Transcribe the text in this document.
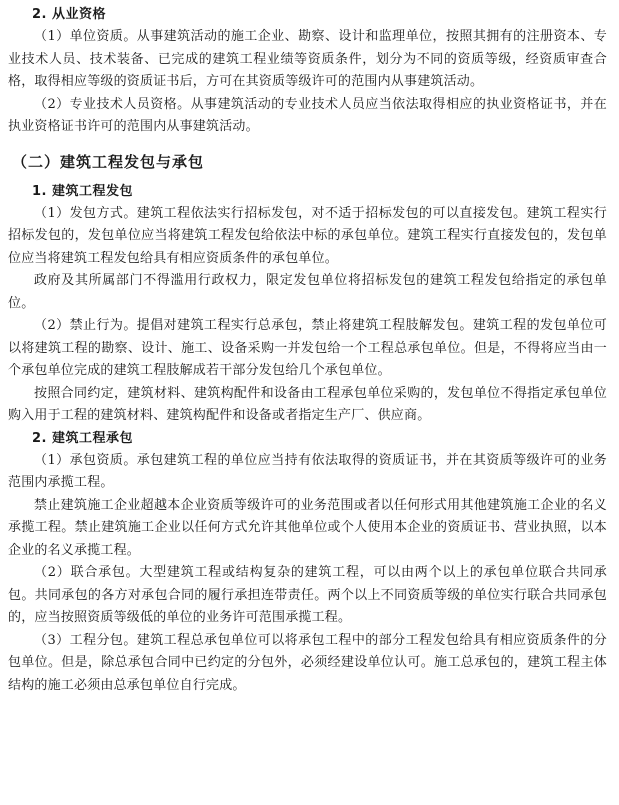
2. 从业资格

（1）单位资质。从事建筑活动的施工企业、勘察、设计和监理单位，按照其拥有的注册资本、专业技术人员、技术装备、已完成的建筑工程业绩等资质条件，划分为不同的资质等级，经资质审查合格，取得相应等级的资质证书后，方可在其资质等级许可的范围内从事建筑活动。

（2）专业技术人员资格。从事建筑活动的专业技术人员应当依法取得相应的执业资格证书，并在执业资格证书许可的范围内从事建筑活动。

（二）建筑工程发包与承包
1. 建筑工程发包

（1）发包方式。建筑工程依法实行招标发包，对不适于招标发包的可以直接发包。建筑工程实行招标发包的，发包单位应当将建筑工程发包给依法中标的承包单位。建筑工程实行直接发包的，发包单位应当将建筑工程发包给具有相应资质条件的承包单位。

政府及其所属部门不得滥用行政权力，限定发包单位将招标发包的建筑工程发包给指定的承包单位。

（2）禁止行为。提倡对建筑工程实行总承包，禁止将建筑工程肢解发包。建筑工程的发包单位可以将建筑工程的勘察、设计、施工、设备采购一并发包给一个工程总承包单位。但是，不得将应当由一个承包单位完成的建筑工程肢解成若干部分发包给几个承包单位。

按照合同约定，建筑材料、建筑构配件和设备由工程承包单位采购的，发包单位不得指定承包单位购入用于工程的建筑材料、建筑构配件和设备或者指定生产厂、供应商。

2. 建筑工程承包

（1）承包资质。承包建筑工程的单位应当持有依法取得的资质证书，并在其资质等级许可的业务范围内承揽工程。

禁止建筑施工企业超越本企业资质等级许可的业务范围或者以任何形式用其他建筑施工企业的名义承揽工程。禁止建筑施工企业以任何方式允许其他单位或个人使用本企业的资质证书、营业执照，以本企业的名义承揽工程。

（2）联合承包。大型建筑工程或结构复杂的建筑工程，可以由两个以上的承包单位联合共同承包。共同承包的各方对承包合同的履行承担连带责任。两个以上不同资质等级的单位实行联合共同承包的，应当按照资质等级低的单位的业务许可范围承揽工程。

（3）工程分包。建筑工程总承包单位可以将承包工程中的部分工程发包给具有相应资质条件的分包单位。但是，除总承包合同中已约定的分包外，必须经建设单位认可。施工总承包的，建筑工程主体结构的施工必须由总承包单位自行完成。
